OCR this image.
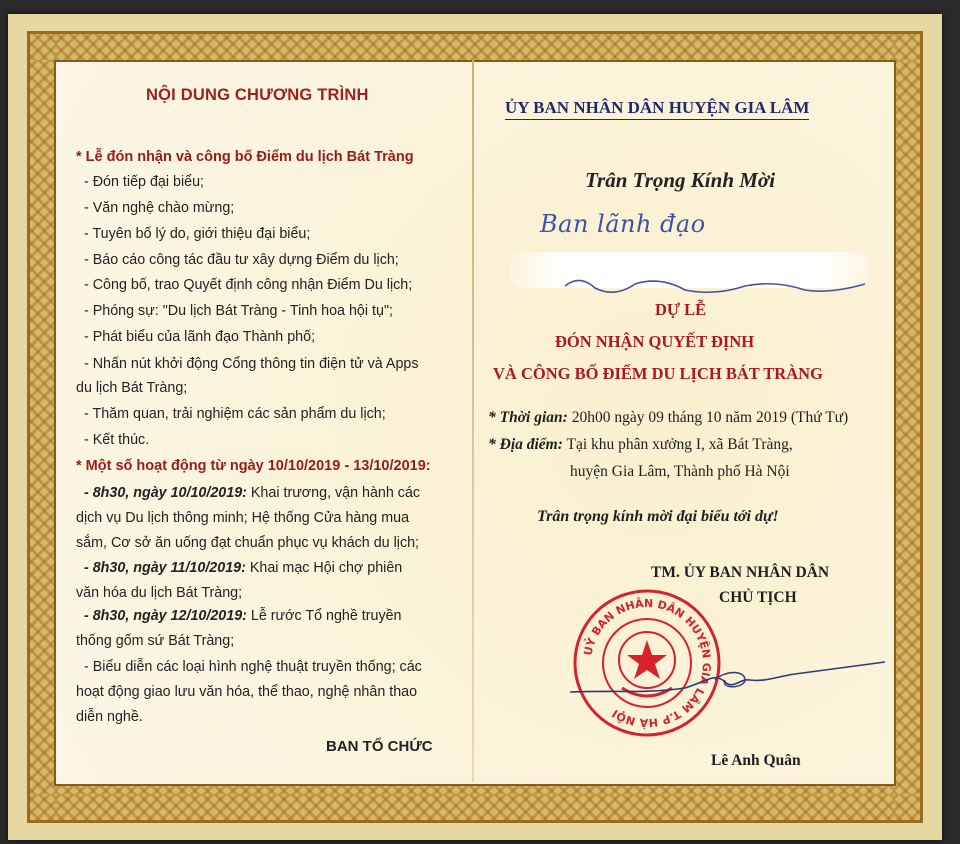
NỘI DUNG CHƯƠNG TRÌNH
* Lễ đón nhận và công bố Điểm du lịch Bát Tràng
- Đón tiếp đại biểu;
- Văn nghệ chào mừng;
- Tuyên bố lý do, giới thiệu đại biểu;
- Báo cáo công tác đầu tư xây dựng Điểm du lịch;
- Công bố, trao Quyết định công nhận Điểm Du lịch;
- Phóng sự: "Du lịch Bát Tràng - Tinh hoa hội tụ";
- Phát biểu của lãnh đạo Thành phố;
- Nhấn nút khởi động Cổng thông tin điện tử và Apps
du lịch Bát Tràng;
- Thăm quan, trải nghiệm các sản phẩm du lịch;
- Kết thúc.
* Một số hoạt động từ ngày 10/10/2019 - 13/10/2019:
- 8h30, ngày 10/10/2019: Khai trương, vận hành các
dịch vụ Du lịch thông minh; Hệ thống Cửa hàng mua
sắm, Cơ sở ăn uống đạt chuẩn phục vụ khách du lịch;
- 8h30, ngày 11/10/2019: Khai mạc Hội chợ phiên
văn hóa du lịch Bát Tràng;
- 8h30, ngày 12/10/2019: Lễ rước Tổ nghề truyền
thống gốm sứ Bát Tràng;
- Biểu diễn các loại hình nghệ thuật truyền thống; các
hoạt động giao lưu văn hóa, thể thao, nghệ nhân thao
diễn nghề.
BAN TỔ CHỨC
ỦY BAN NHÂN DÂN HUYỆN GIA LÂM
Trân Trọng Kính Mời
Ban lãnh đạo
DỰ LỄ
ĐÓN NHẬN QUYẾT ĐỊNH
VÀ CÔNG BỐ ĐIỂM DU LỊCH BÁT TRÀNG
* Thời gian: 20h00 ngày 09 tháng 10 năm 2019 (Thứ Tư)
* Địa điểm: Tại khu phân xưởng I, xã Bát Tràng,
huyện Gia Lâm, Thành phố Hà Nội
Trân trọng kính mời đại biểu tới dự!
TM. ỦY BAN NHÂN DÂN
CHỦ TỊCH
UỶ BAN NHÂN DÂN HUYỆN GIA LÂM T.P HÀ NỘI
Lê Anh Quân
